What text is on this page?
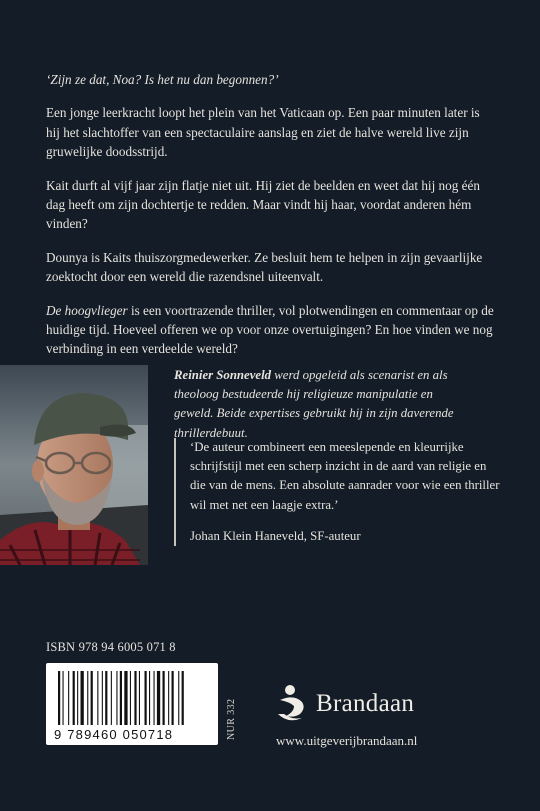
‘Zijn ze dat, Noa? Is het nu dan begonnen?’

Een jonge leerkracht loopt het plein van het Vaticaan op. Een paar minuten later is hij het slachtoffer van een spectaculaire aanslag en ziet de halve wereld live zijn gruwelijke doodsstrijd.

Kait durft al vijf jaar zijn flatje niet uit. Hij ziet de beelden en weet dat hij nog één dag heeft om zijn dochtertje te redden. Maar vindt hij haar, voordat anderen hém vinden?

Dounya is Kaits thuiszorgmedewerker. Ze besluit hem te helpen in zijn gevaarlijke zoektocht door een wereld die razendsnel uiteenvalt.

De hoogvlieger is een voortrazende thriller, vol plotwendingen en commentaar op de huidige tijd. Hoeveel offeren we op voor onze overtuigingen? En hoe vinden we nog verbinding in een verdeelde wereld?

Reinier Sonneveld werd opgeleid als scenarist en als theoloog bestudeerde hij religieuze manipulatie en geweld. Beide expertises gebruikt hij in zijn daverende thrillerdebuut.

‘De auteur combineert een meeslepende en kleurrijke schrijfstijl met een scherp inzicht in de aard van religie en die van de mens. Een absolute aanrader voor wie een thriller wil met net een laagje extra.’

Johan Klein Haneveld, SF-auteur

ISBN 978 94 6005 071 8
9 789460 050718	NUR 332	Brandaan
www.uitgeverijbrandaan.nl
